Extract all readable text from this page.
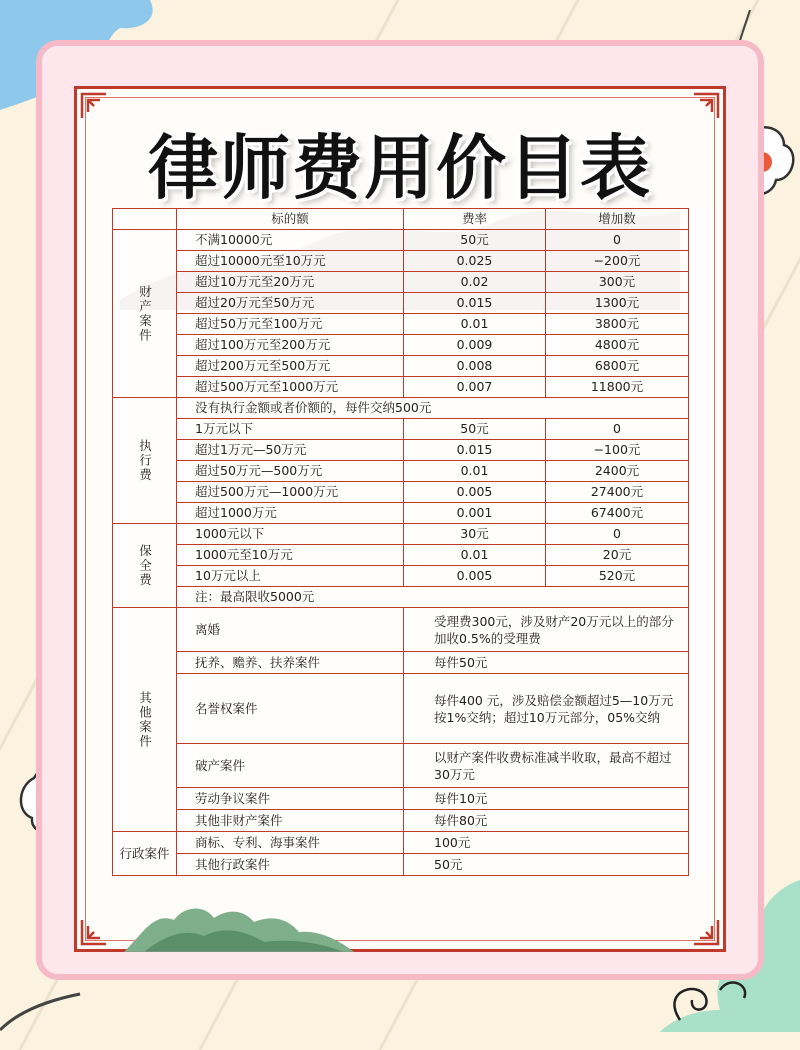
律师费用价目表
	标的额	费率	增加数
财产案件	不满10000元	50元	0
	超过10000元至10万元	0.025	−200元
	超过10万元至20万元	0.02	300元
	超过20万元至50万元	0.015	1300元
	超过50万元至100万元	0.01	3800元
	超过100万元至200万元	0.009	4800元
	超过200万元至500万元	0.008	6800元
	超过500万元至1000万元	0.007	11800元
执行费	没有执行金额或者价额的，每件交纳500元		
	1万元以下	50元	0
	超过1万元—50万元	0.015	−100元
	超过50万元—500万元	0.01	2400元
	超过500万元—1000万元	0.005	27400元
	超过1000万元	0.001	67400元
保全费	1000元以下	30元	0
	1000元至10万元	0.01	20元
	10万元以上	0.005	520元
	注：最高限收5000元		
其他案件	离婚	受理费300元，涉及财产20万元以上的部分加收0.5%的受理费	
	抚养、赡养、扶养案件	每件50元	
	名誉权案件	每件400 元，涉及赔偿金额超过5—10万元按1%交纳；超过10万元部分，05%交纳	
	破产案件	以财产案件收费标准减半收取，最高不超过30万元	
	劳动争议案件	每件10元	
	其他非财产案件	每件80元	
行政案件	商标、专利、海事案件	100元	
	其他行政案件	50元	
